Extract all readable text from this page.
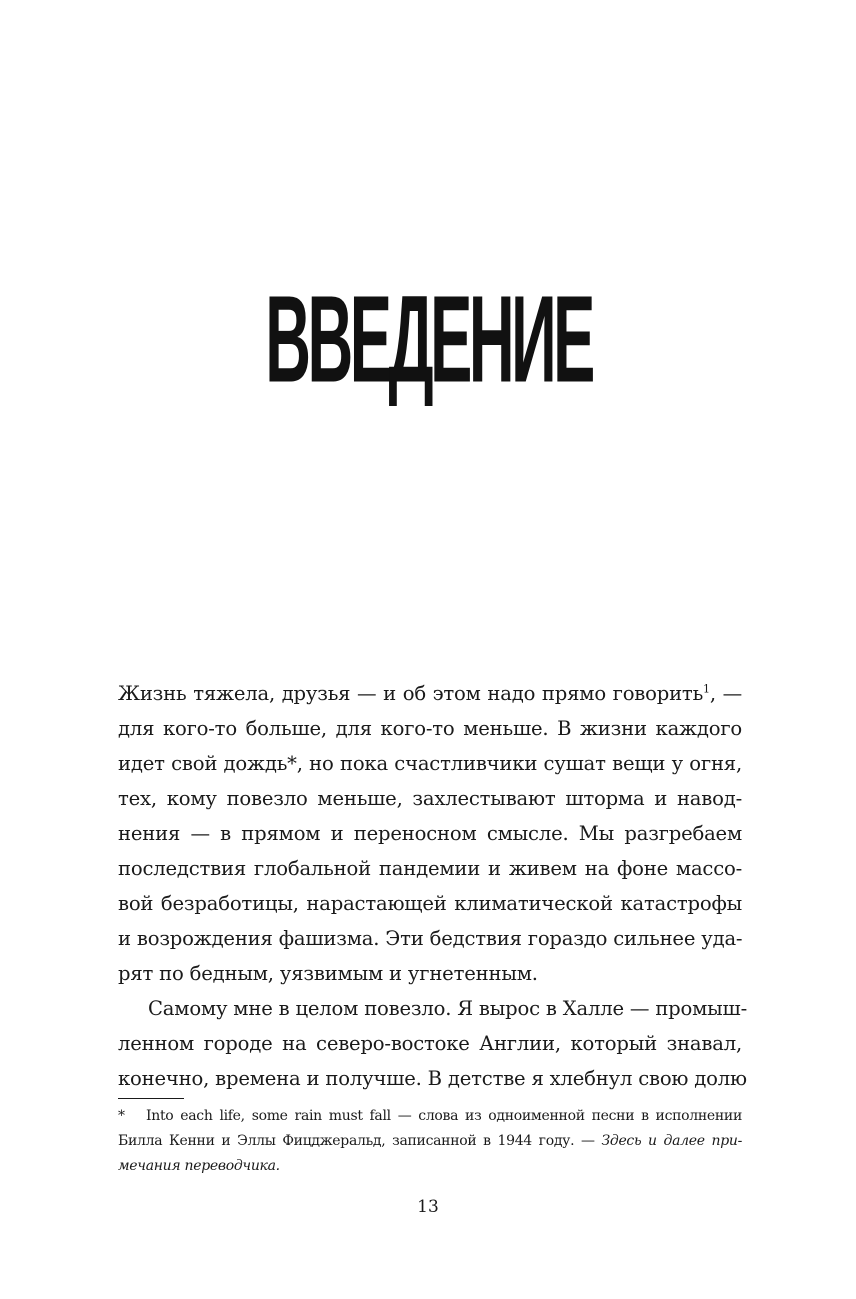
ВВЕДЕНИЕ
Жизнь тяжела, друзья — и об этом надо прямо говорить$^1$, —
для кого-то больше, для кого-то меньше. В жизни каждого
идет свой дождь*, но пока счастливчики сушат вещи у огня,
тех, кому повезло меньше, захлестывают шторма и навод-
нения — в прямом и переносном смысле. Мы разгребаем
последствия глобальной пандемии и живем на фоне массо-
вой безработицы, нарастающей климатической катастрофы
и возрождения фашизма. Эти бедствия гораздо сильнее уда-
рят по бедным, уязвимым и угнетенным.
Самому мне в целом повезло. Я вырос в Халле — промыш-
ленном городе на северо-востоке Англии, который знавал,
конечно, времена и получше. В детстве я хлебнул свою долю
* Into each life, some rain must fall — слова из одноименной песни в исполнении
Билла Кенни и Эллы Фицджеральд, записанной в 1944 году. — Здесь и далее при-
мечания переводчика.
13
